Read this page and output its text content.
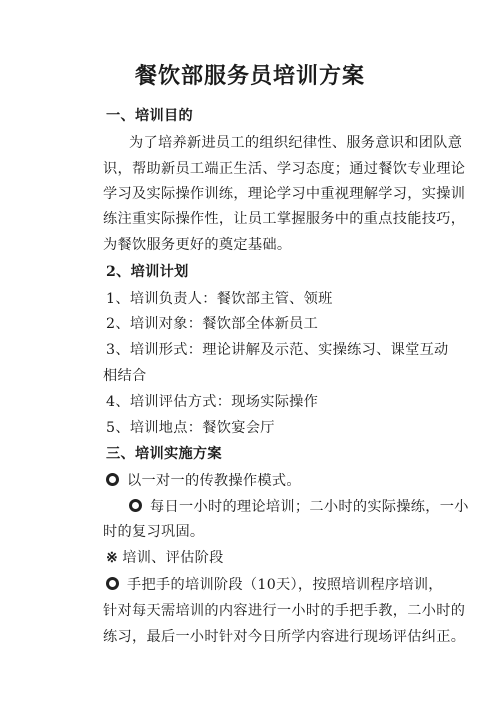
餐饮部服务员培训方案
一、培训目的
为了培养新进员工的组织纪律性、服务意识和团队意
识，帮助新员工端正生活、学习态度；通过餐饮专业理论
学习及实际操作训练，理论学习中重视理解学习，实操训
练注重实际操作性，让员工掌握服务中的重点技能技巧，
为餐饮服务更好的奠定基础。
2、培训计划
1、培训负责人：餐饮部主管、领班
2、培训对象：餐饮部全体新员工
3、培训形式：理论讲解及示范、实操练习、课堂互动
相结合
4、培训评估方式：现场实际操作
5、培训地点：餐饮宴会厅
三、培训实施方案
以一对一的传教操作模式。
每日一小时的理论培训；二小时的实际操练，一小
时的复习巩固。
※ 培训、评估阶段
手把手的培训阶段（10天），按照培训程序培训，
针对每天需培训的内容进行一小时的手把手教，二小时的
练习，最后一小时针对今日所学内容进行现场评估纠正。
